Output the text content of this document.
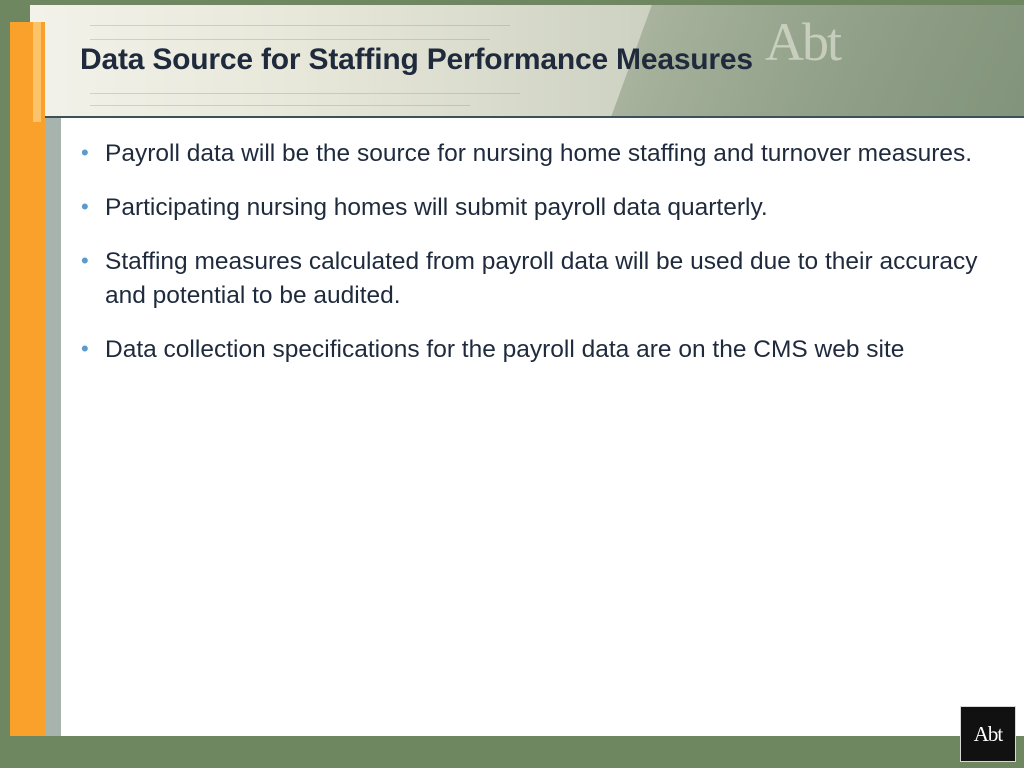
Abt
Data Source for Staffing Performance Measures
• Payroll data will be the source for nursing home staffing and turnover measures.
• Participating nursing homes will submit payroll data quarterly.
• Staffing measures calculated from payroll data will be used due to their accuracy and potential to be audited.
• Data collection specifications for the payroll data are on the CMS web site
Abt
